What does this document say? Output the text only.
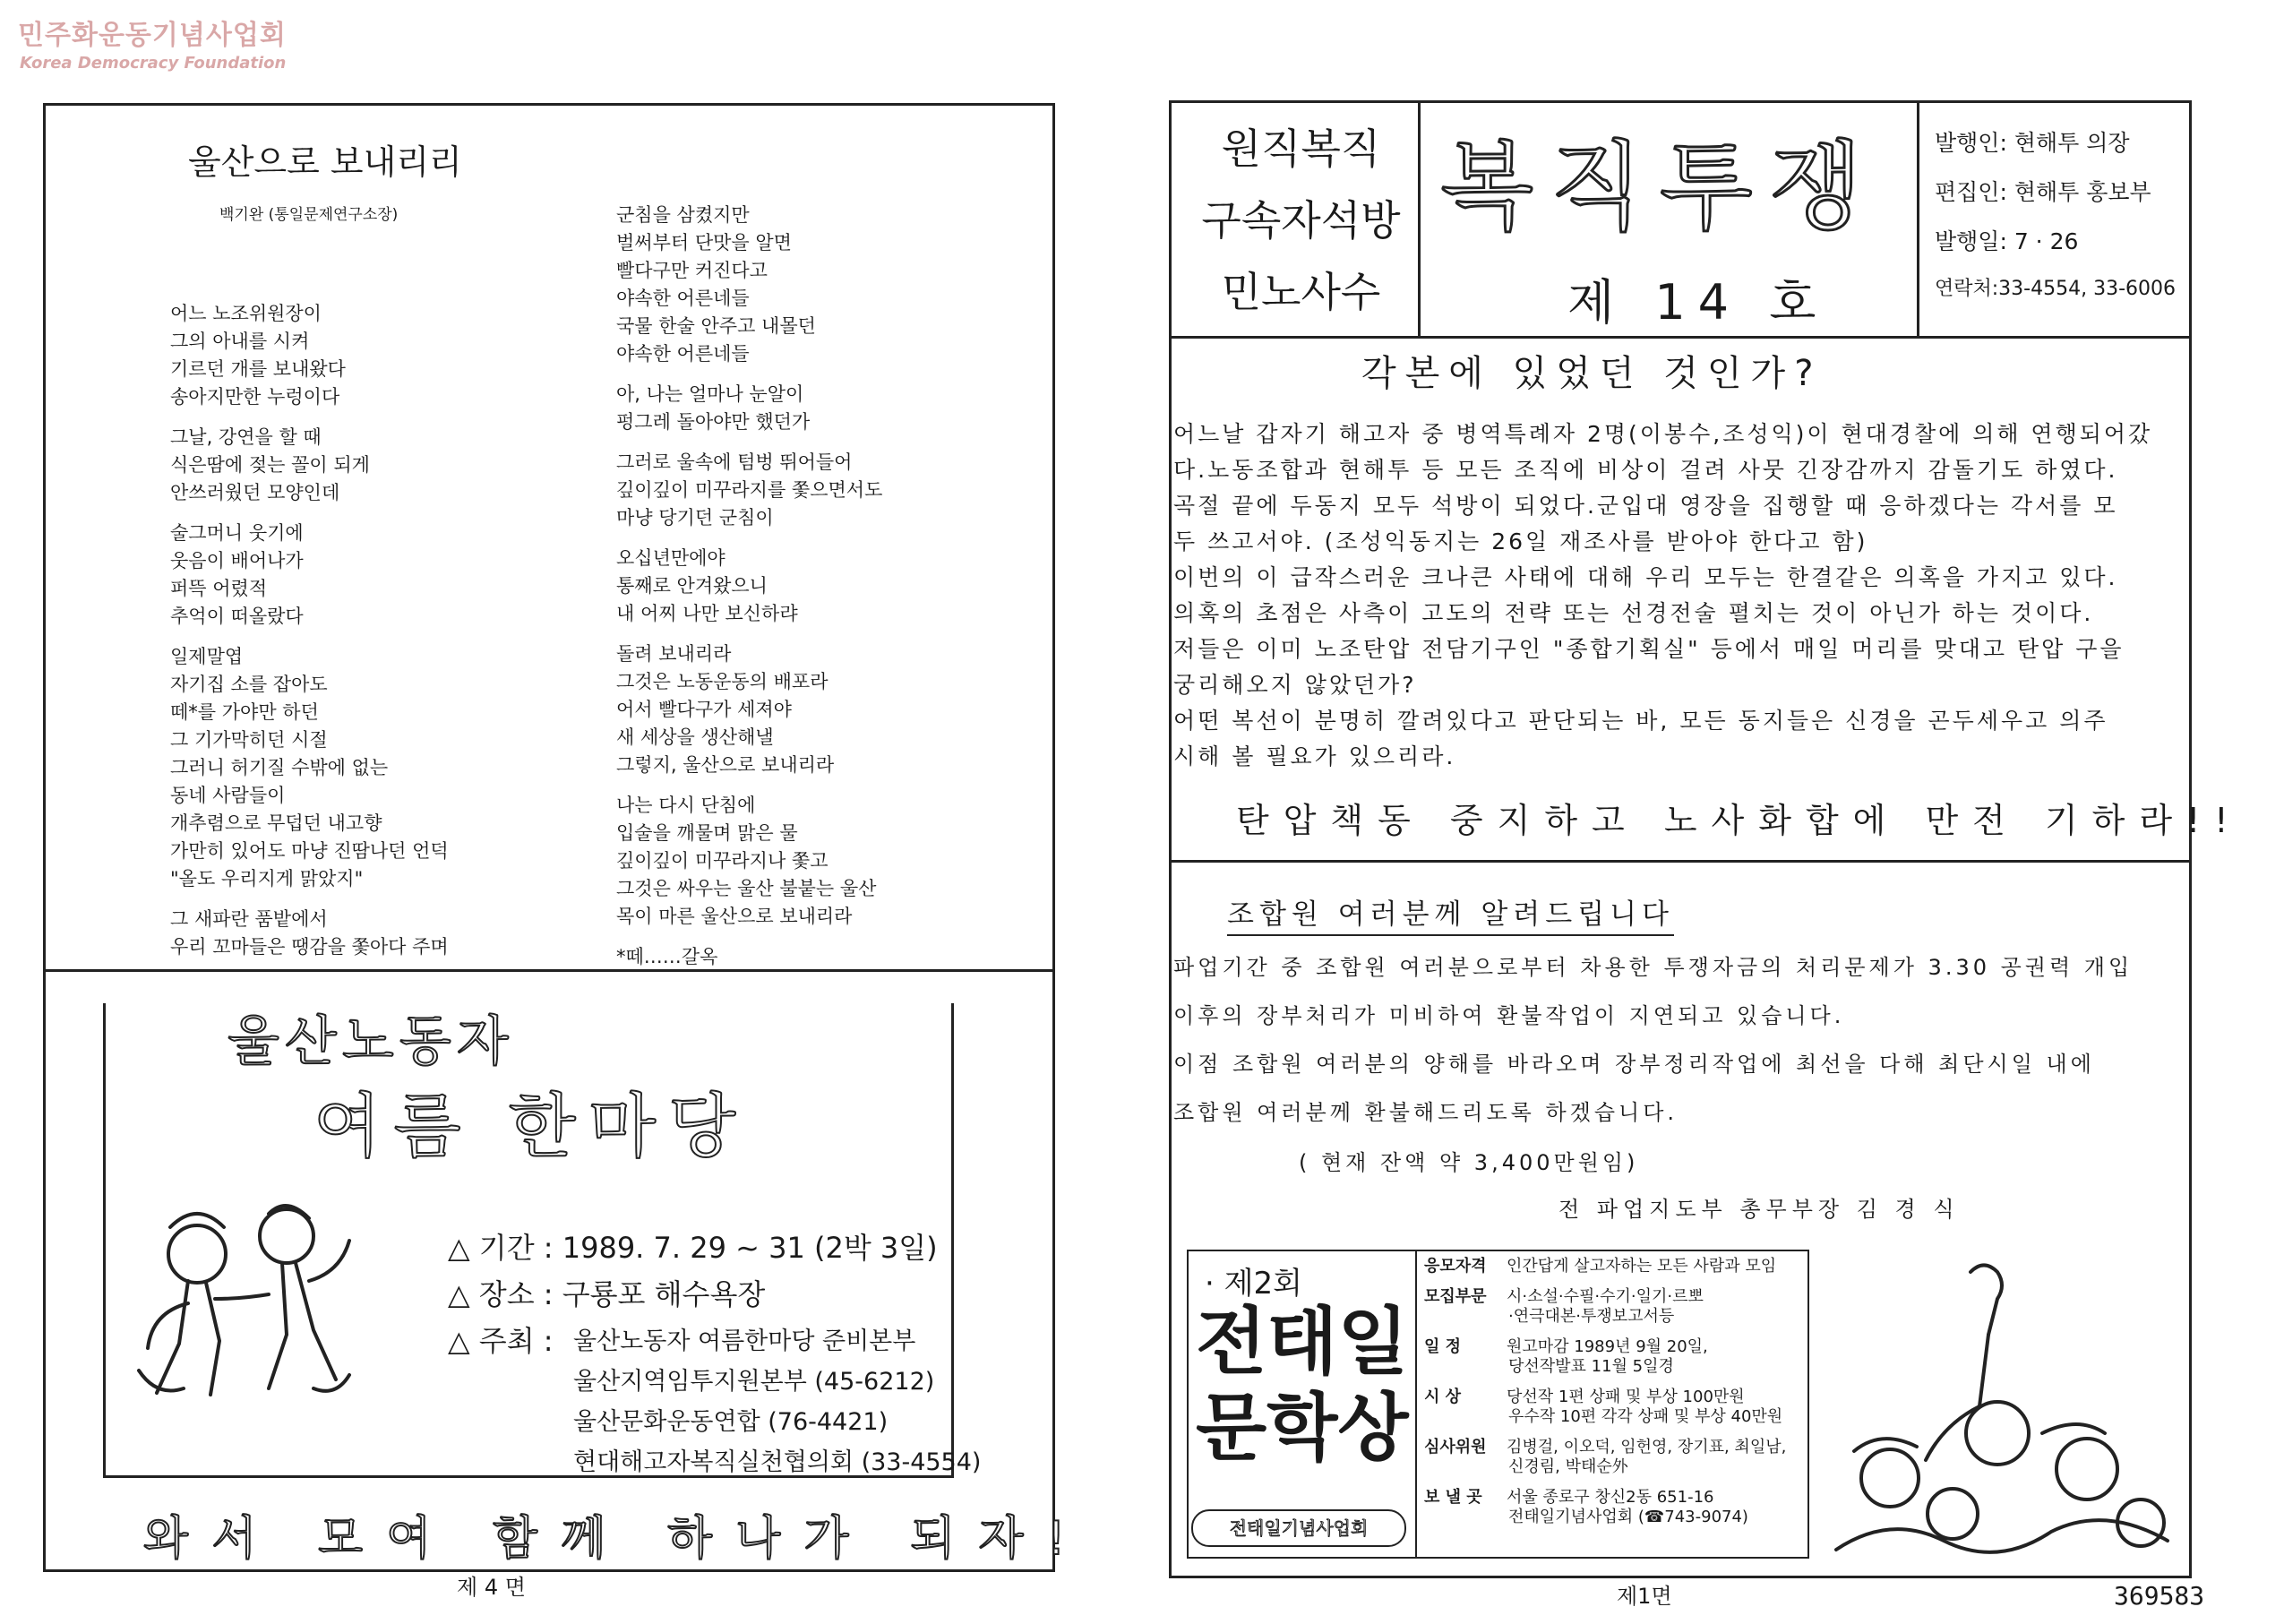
민주화운동기념사업회
Korea Democracy Foundation
울산으로 보내리리
백기완 (통일문제연구소장)
어느 노조위원장이
그의 아내를 시켜
기르던 개를 보내왔다
송아지만한 누렁이다
그날, 강연을 할 때
식은땀에 젖는 꼴이 되게
안쓰러웠던 모양인데
술그머니 웃기에
웃음이 배어나가
퍼뜩 어렸적
추억이 떠올랐다
일제말엽
자기집 소를 잡아도
떼*를 가야만 하던
그 기가막히던 시절
그러니 허기질 수밖에 없는
동네 사람들이
개추렴으로 무덥던 내고향
가만히 있어도 마냥 진땀나던 언덕
"올도 우리지게 맑았지"
그 새파란 품밭에서
우리 꼬마들은 땡감을 쫓아다 주며
군침을 삼켰지만
벌써부터 단맛을 알면
빨다구만 커진다고
야속한 어른네들
국물 한술 안주고 내몰던
야속한 어른네들
아, 나는 얼마나 눈알이
펑그레 돌아야만 했던가
그러로 울속에 텀벙 뛰어들어
깊이깊이 미꾸라지를 쫓으면서도
마냥 당기던 군침이
오십년만에야
통째로 안겨왔으니
내 어찌 나만 보신하랴
돌려 보내리라
그것은 노동운동의 배포라
어서 빨다구가 세져야
새 세상을 생산해낼
그렇지, 울산으로 보내리라
나는 다시 단침에
입술을 깨물며 맑은 물
깊이깊이 미꾸라지나 쫓고
그것은 싸우는 울산 불붙는 울산
목이 마른 울산으로 보내리라
*떼……갈옥
울산노동자
여름 한마당
△ 기간 : 1989. 7. 29 ~ 31 (2박 3일)
△ 장소 : 구룡포 해수욕장
△ 주최 : 울산노동자 여름한마당 준비본부
울산지역임투지원본부 (45-6212)
울산문화운동연합 (76-4421)
현대해고자복직실천협의회 (33-4554)
와서 모여 함께 하나가 되자!
제 4 면
원직복직
구속자석방
민노사수
복직투쟁
제 14 호
발행인: 현해투 의장
편집인: 현해투 홍보부
발행일: 7 · 26
연락처:33-4554, 33-6006
각본에 있었던 것인가?
어느날 갑자기 해고자 중 병역특례자 2명(이봉수,조성익)이 현대경찰에 의해 연행되어갔
다.노동조합과 현해투 등 모든 조직에 비상이 걸려 사뭇 긴장감까지 감돌기도 하였다.
곡절 끝에 두동지 모두 석방이 되었다.군입대 영장을 집행할 때 응하겠다는 각서를 모
두 쓰고서야. (조성익동지는 26일 재조사를 받아야 한다고 함)
이번의 이 급작스러운 크나큰 사태에 대해 우리 모두는 한결같은 의혹을 가지고 있다.
의혹의 초점은 사측이 고도의 전략 또는 선경전술 펼치는 것이 아닌가 하는 것이다.
저들은 이미 노조탄압 전담기구인 "종합기획실" 등에서 매일 머리를 맞대고 탄압 구을
궁리해오지 않았던가?
어떤 복선이 분명히 깔려있다고 판단되는 바, 모든 동지들은 신경을 곤두세우고 의주
시해 볼 필요가 있으리라.
탄압책동 중지하고 노사화합에 만전 기하라!!
조합원 여러분께 알려드립니다
파업기간 중 조합원 여러분으로부터 차용한 투쟁자금의 처리문제가 3.30 공권력 개입
이후의 장부처리가 미비하여 환불작업이 지연되고 있습니다.
이점 조합원 여러분의 양해를 바라오며 장부정리작업에 최선을 다해 최단시일 내에
조합원 여러분께 환불해드리도록 하겠습니다.
( 현재 잔액 약 3,400만원임)
전 파업지도부 총무부장 김 경 식
· 제2회
전태일
문학상
전태일기념사업회
응모자격 인간답게 살고자하는 모든 사람과 모임
모집부문 시·소설·수필·수기·일기·르뽀
·연극대본·투쟁보고서등
일 정	원고마감 1989년 9월 20일,
당선작발표 11월 5일경
시 상	당선작 1편 상패 및 부상 100만원
우수작 10편 각각 상패 및 부상 40만원
심사위원 김병걸, 이오덕, 임헌영, 장기표, 최일남,
신경림, 박태순外
보 낼 곳 서울 종로구 창신2동 651-16
전태일기념사업회 (☎743-9074)
제1면	369583
